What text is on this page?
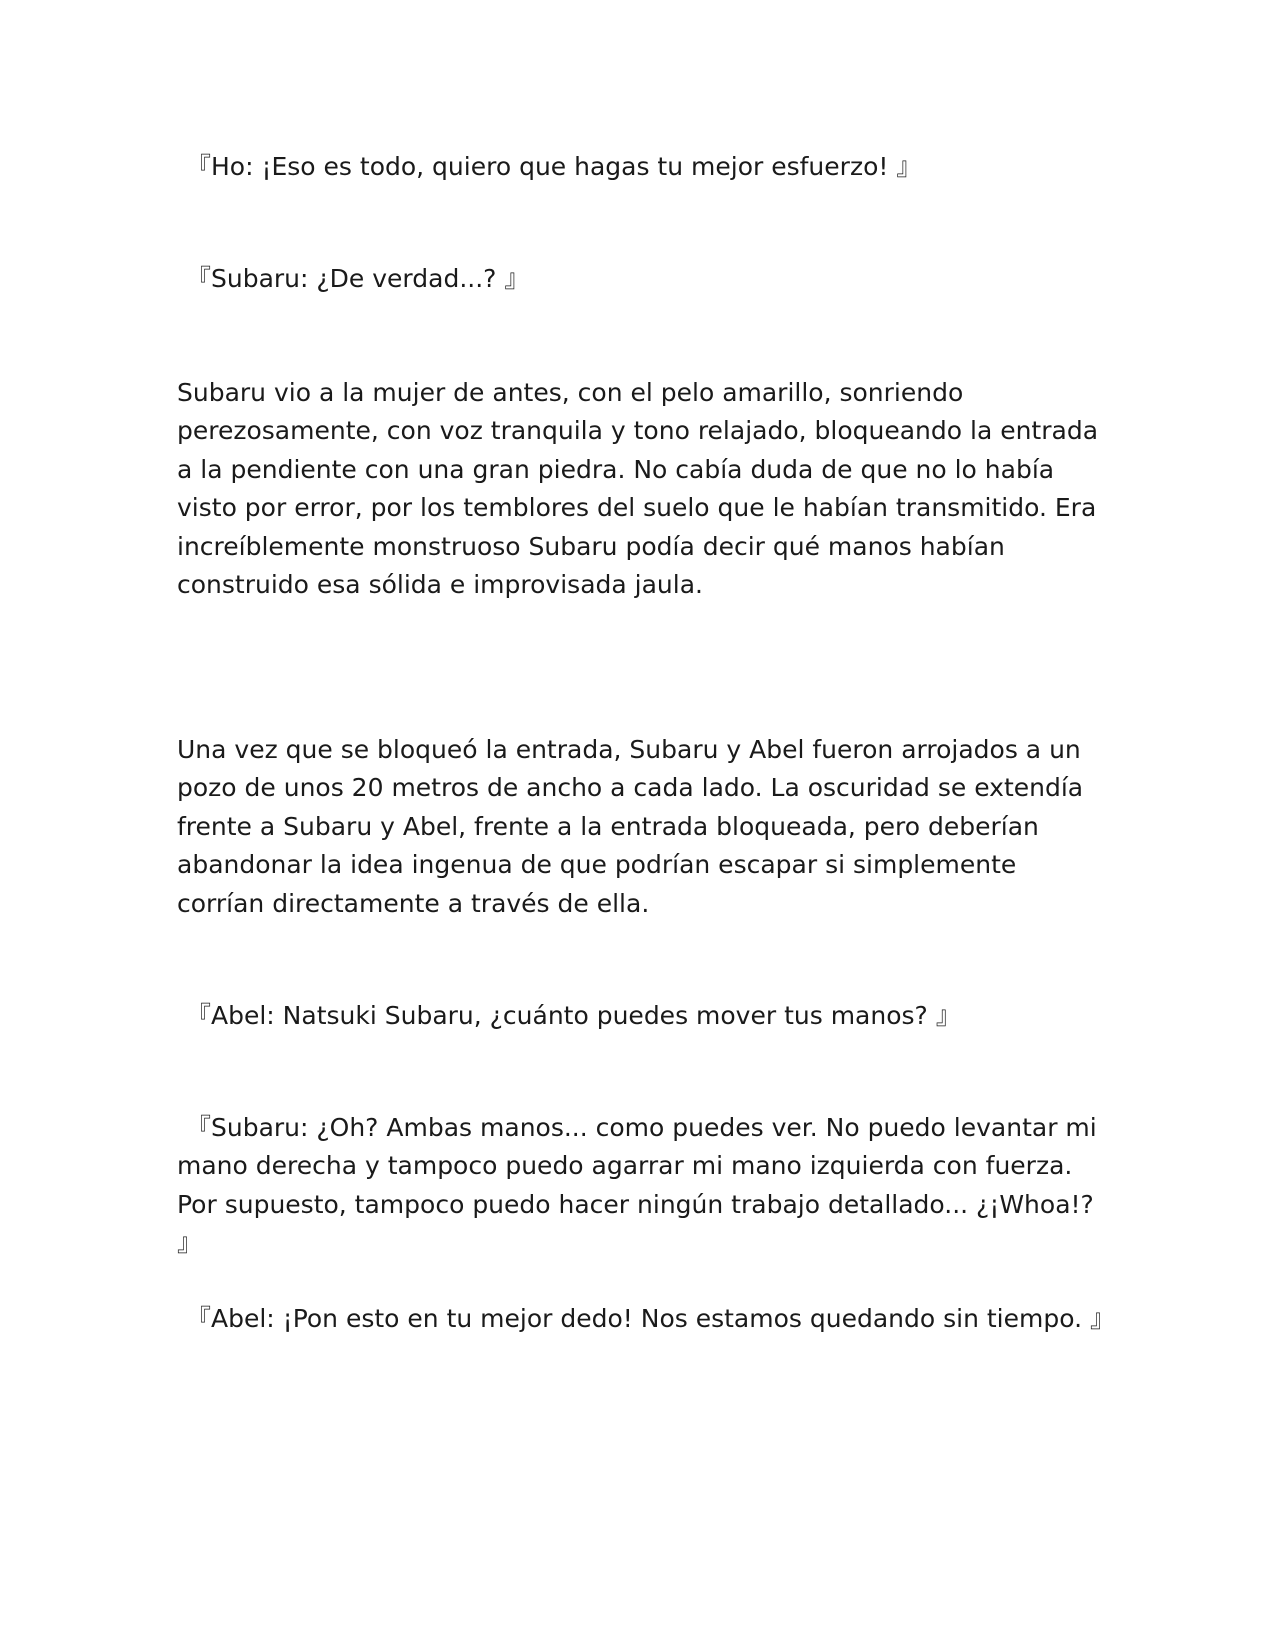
『Ho: ¡Eso es todo, quiero que hagas tu mejor esfuerzo! 』
『Subaru: ¿De verdad...? 』

Subaru vio a la mujer de antes, con el pelo amarillo, sonriendo perezosamente, con voz tranquila y tono relajado, bloqueando la entrada a la pendiente con una gran piedra. No cabía duda de que no lo había visto por error, por los temblores del suelo que le habían transmitido. Era increíblemente monstruoso Subaru podía decir qué manos habían construido esa sólida e improvisada jaula.

Una vez que se bloqueó la entrada, Subaru y Abel fueron arrojados a un pozo de unos 20 metros de ancho a cada lado. La oscuridad se extendía frente a Subaru y Abel, frente a la entrada bloqueada, pero deberían abandonar la idea ingenua de que podrían escapar si simplemente corrían directamente a través de ella.

『Abel: Natsuki Subaru, ¿cuánto puedes mover tus manos? 』

『Subaru: ¿Oh? Ambas manos... como puedes ver. No puedo levantar mi mano derecha y tampoco puedo agarrar mi mano izquierda con fuerza. Por supuesto, tampoco puedo hacer ningún trabajo detallado... ¿¡Whoa!? 』

『Abel: ¡Pon esto en tu mejor dedo! Nos estamos quedando sin tiempo. 』
